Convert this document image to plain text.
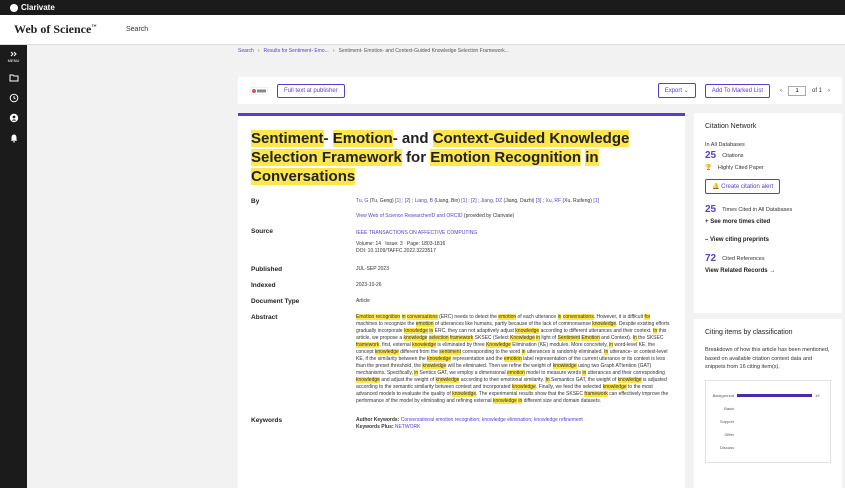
Clarivate
Web of Science™	Search
MENU
Search › Results for Sentiment- Emo... › Sentiment- Emotion- and Context-Guided Knowledge Selection Framework...
Full text at publisher	Export ⌄	Add To Marked List	‹
1	of 1 ›
Sentiment- Emotion- and Context-Guided Knowledge Selection Framework for Emotion Recognition in Conversations
By	Tu, G (Tu, Geng) [1] ; [2] ; Liang, B (Liang, Bin) [1] ; [2] ; Jiang, DZ (Jiang, Dazhi) [3] ; Xu, RF (Xu, Ruifeng) [1]
View Web of Science ResearcherID and ORCID (provided by Clarivate)
Source	IEEE TRANSACTIONS ON AFFECTIVE COMPUTING
Volume: 14 Issue: 3 Page: 1803-1816
DOI: 10.1109/TAFFC.2022.3223517
Published	JUL-SEP 2023
Indexed	2023-10-26
Document Type	Article
Abstract	Emotion recognition in conversations (ERC) needs to detect the emotion of each utterance in conversations. However, it is difficult for machines to recognize the emotion of utterances like humans, partly because of the lack of commonsense knowledge. Despite existing efforts gradually incorporate knowledge in ERC, they can not adaptively adjust knowledge according to different utterances and their context. In this article, we propose a knowledge selection framework SKSEC (Select Knowledge in light of Sentiment Emotion and Context). In the SKSEC framework, first, external knowledge is eliminated by three Knowledge Elimination (KE) modules. More concretely, in word-level KE, the concept knowledge different from the sentiment corresponding to the word in utterances is randomly eliminated. In utterance- or context-level KE, if the similarity between the knowledge representation and the emotion label representation of the current utterance or its context is less than the preset threshold, the knowledge will be eliminated. Then we refine the weight of knowledge using two Graph ATtention (GAT) mechanisms. Specifically, in Sentics GAT, we employ a dimensional emotion model to measure words in utterances and their corresponding knowledge and adjust the weight of knowledge according to their emotional similarity. In Semantics GAT, the weight of knowledge is adjusted according to the semantic similarity between context and incorporated knowledge. Finally, we feed the selected knowledge to the most advanced models to evaluate the quality of knowledge. The experimental results show that the SKSEC framework can effectively improve the performance of the model by eliminating and refining external knowledge in different size and domain datasets.
Keywords	Author Keywords: Conversational emotion recognition; knowledge elimination; knowledge refinement
Keywords Plus: NETWORK
Citation Network
In All Databases
25 Citations
🏆 Highly Cited Paper
🔔 Create citation alert
25 Times Cited in All Databases
+ See more times cited
– View citing preprints
72 Cited References
View Related Records →
Citing items by classification
Breakdown of how this article has been mentioned, based on available citation context data and snippets from 16 citing item(s).
Background	19
Basis
Support
Differ
Discuss
